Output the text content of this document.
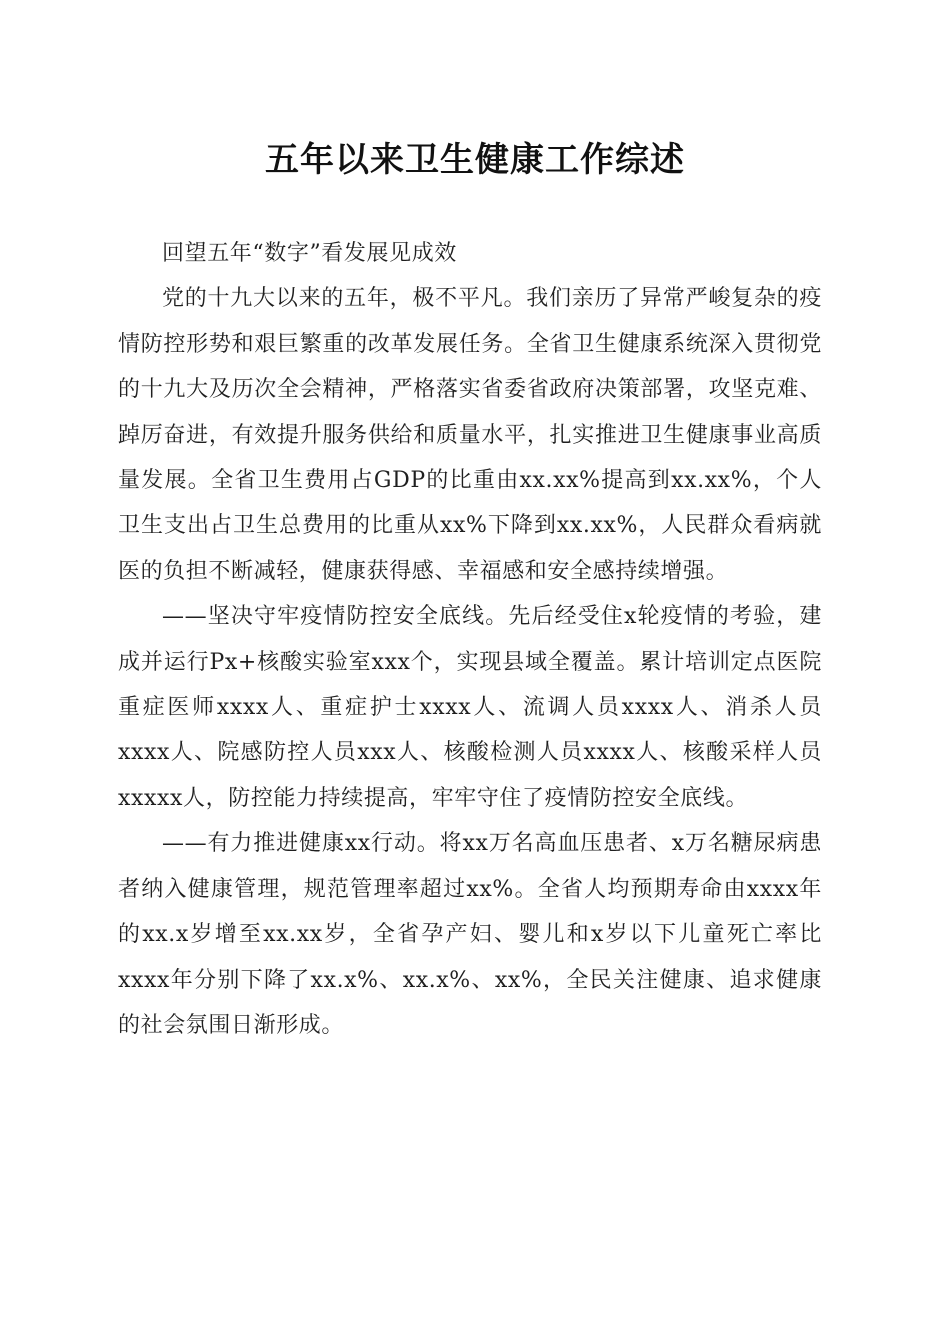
五年以来卫生健康工作综述

回望五年“数字”看发展见成效

党的十九大以来的五年，极不平凡。我们亲历了异常严峻复杂的疫情防控形势和艰巨繁重的改革发展任务。全省卫生健康系统深入贯彻党的十九大及历次全会精神，严格落实省委省政府决策部署，攻坚克难、踔厉奋进，有效提升服务供给和质量水平，扎实推进卫生健康事业高质量发展。全省卫生费用占GDP的比重由xx.xx%提高到xx.xx%，个人卫生支出占卫生总费用的比重从xx%下降到xx.xx%，人民群众看病就医的负担不断减轻，健康获得感、幸福感和安全感持续增强。

——坚决守牢疫情防控安全底线。先后经受住x轮疫情的考验，建成并运行Px+核酸实验室xxx个，实现县域全覆盖。累计培训定点医院重症医师xxxx人、重症护士xxxx人、流调人员xxxx人、消杀人员xxxx人、院感防控人员xxx人、核酸检测人员xxxx人、核酸采样人员xxxxx人，防控能力持续提高，牢牢守住了疫情防控安全底线。

——有力推进健康xx行动。将xx万名高血压患者、x万名糖尿病患者纳入健康管理，规范管理率超过xx%。全省人均预期寿命由xxxx年的xx.x岁增至xx.xx岁，全省孕产妇、婴儿和x岁以下儿童死亡率比xxxx年分别下降了xx.x%、xx.x%、xx%，全民关注健康、追求健康的社会氛围日渐形成。
